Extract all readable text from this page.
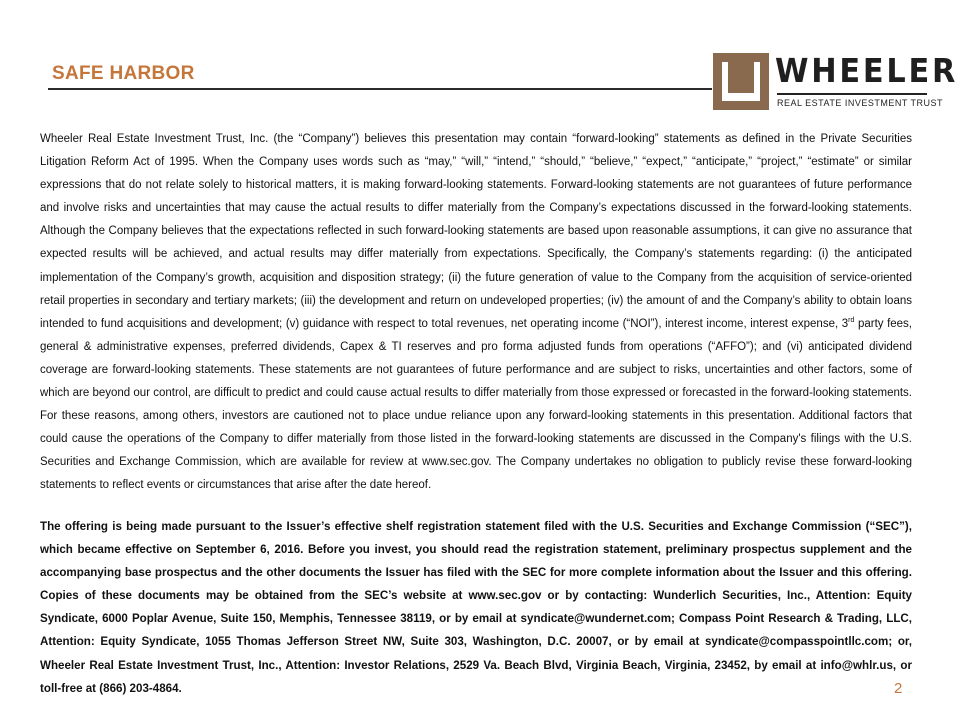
SAFE HARBOR	WHEELER
REAL ESTATE INVESTMENT TRUST

Wheeler Real Estate Investment Trust, Inc. (the “Company”) believes this presentation may contain “forward-looking” statements as defined in the Private Securities Litigation Reform Act of 1995. When the Company uses words such as “may,” “will,” “intend,” “should,” “believe,” “expect,” “anticipate,” “project,” “estimate” or similar expressions that do not relate solely to historical matters, it is making forward-looking statements. Forward-looking statements are not guarantees of future performance and involve risks and uncertainties that may cause the actual results to differ materially from the Company’s expectations discussed in the forward-looking statements. Although the Company believes that the expectations reflected in such forward-looking statements are based upon reasonable assumptions, it can give no assurance that expected results will be achieved, and actual results may differ materially from expectations. Specifically, the Company’s statements regarding: (i) the anticipated implementation of the Company’s growth, acquisition and disposition strategy; (ii) the future generation of value to the Company from the acquisition of service-oriented retail properties in secondary and tertiary markets; (iii) the development and return on undeveloped properties; (iv) the amount of and the Company’s ability to obtain loans intended to fund acquisitions and development; (v) guidance with respect to total revenues, net operating income (“NOI”), interest income, interest expense, 3rd party fees, general & administrative expenses, preferred dividends, Capex & TI reserves and pro forma adjusted funds from operations (“AFFO”); and (vi) anticipated dividend coverage are forward-looking statements. These statements are not guarantees of future performance and are subject to risks, uncertainties and other factors, some of which are beyond our control, are difficult to predict and could cause actual results to differ materially from those expressed or forecasted in the forward-looking statements. For these reasons, among others, investors are cautioned not to place undue reliance upon any forward-looking statements in this presentation. Additional factors that could cause the operations of the Company to differ materially from those listed in the forward-looking statements are discussed in the Company's filings with the U.S. Securities and Exchange Commission, which are available for review at www.sec.gov. The Company undertakes no obligation to publicly revise these forward-looking statements to reflect events or circumstances that arise after the date hereof.

The offering is being made pursuant to the Issuer’s effective shelf registration statement filed with the U.S. Securities and Exchange Commission (“SEC”), which became effective on September 6, 2016. Before you invest, you should read the registration statement, preliminary prospectus supplement and the accompanying base prospectus and the other documents the Issuer has filed with the SEC for more complete information about the Issuer and this offering. Copies of these documents may be obtained from the SEC’s website at www.sec.gov or by contacting: Wunderlich Securities, Inc., Attention: Equity Syndicate, 6000 Poplar Avenue, Suite 150, Memphis, Tennessee 38119, or by email at syndicate@wundernet.com; Compass Point Research & Trading, LLC, Attention: Equity Syndicate, 1055 Thomas Jefferson Street NW, Suite 303, Washington, D.C. 20007, or by email at syndicate@compasspointllc.com; or, Wheeler Real Estate Investment Trust, Inc., Attention: Investor Relations, 2529 Va. Beach Blvd, Virginia Beach, Virginia, 23452, by email at info@whlr.us, or toll-free at (866) 203-4864.	2
